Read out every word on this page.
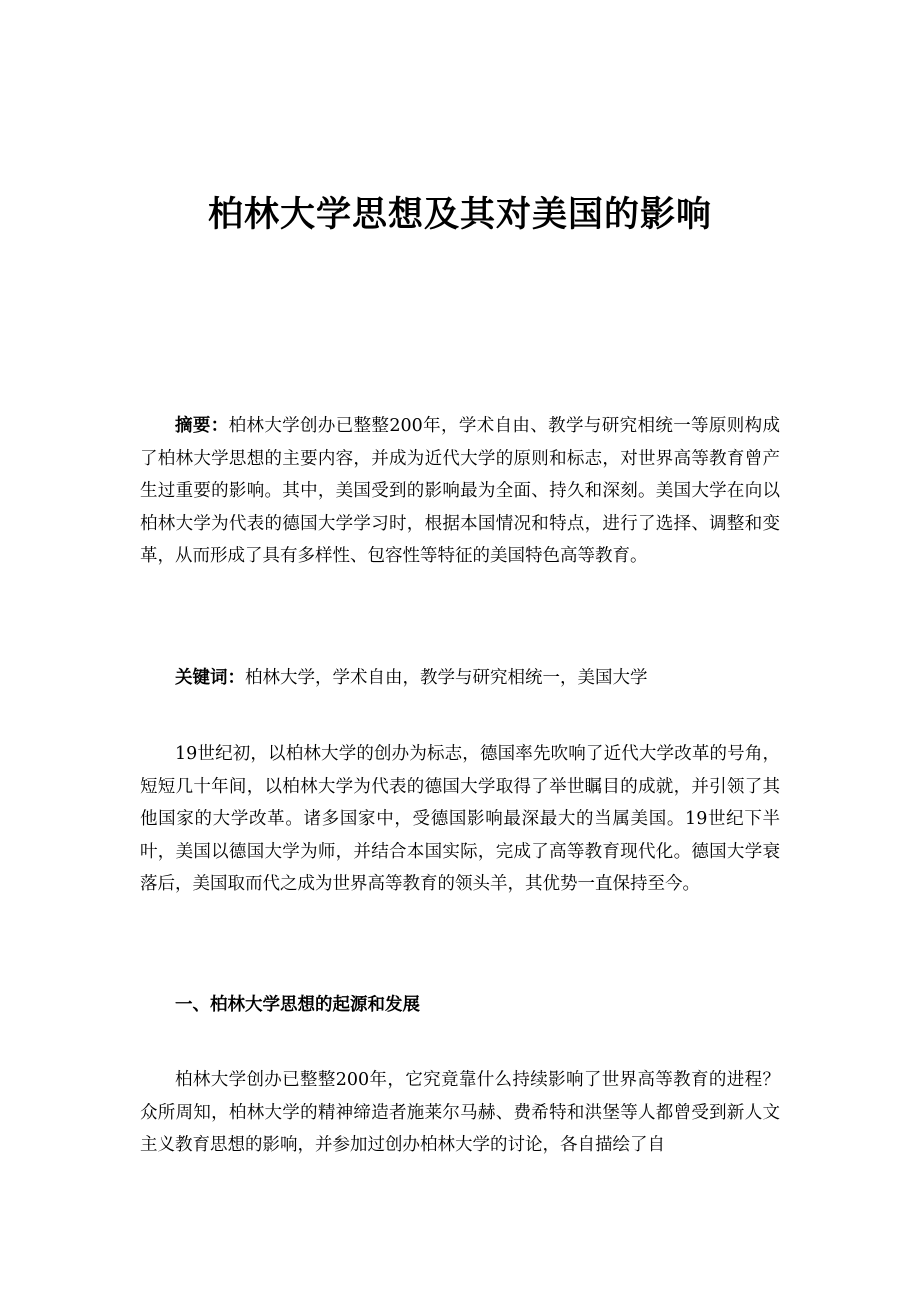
柏林大学思想及其对美国的影响

摘要：柏林大学创办已整整200年，学术自由、教学与研究相统一等原则构成了柏林大学思想的主要内容，并成为近代大学的原则和标志，对世界高等教育曾产生过重要的影响。其中，美国受到的影响最为全面、持久和深刻。美国大学在向以柏林大学为代表的德国大学学习时，根据本国情况和特点，进行了选择、调整和变革，从而形成了具有多样性、包容性等特征的美国特色高等教育。

关键词：柏林大学，学术自由，教学与研究相统一，美国大学

19世纪初，以柏林大学的创办为标志，德国率先吹响了近代大学改革的号角，短短几十年间，以柏林大学为代表的德国大学取得了举世瞩目的成就，并引领了其他国家的大学改革。诸多国家中，受德国影响最深最大的当属美国。19世纪下半叶，美国以德国大学为师，并结合本国实际，完成了高等教育现代化。德国大学衰落后，美国取而代之成为世界高等教育的领头羊，其优势一直保持至今。

一、柏林大学思想的起源和发展

柏林大学创办已整整200年，它究竟靠什么持续影响了世界高等教育的进程？众所周知，柏林大学的精神缔造者施莱尔马赫、费希特和洪堡等人都曾受到新人文主义教育思想的影响，并参加过创办柏林大学的讨论，各自描绘了自
